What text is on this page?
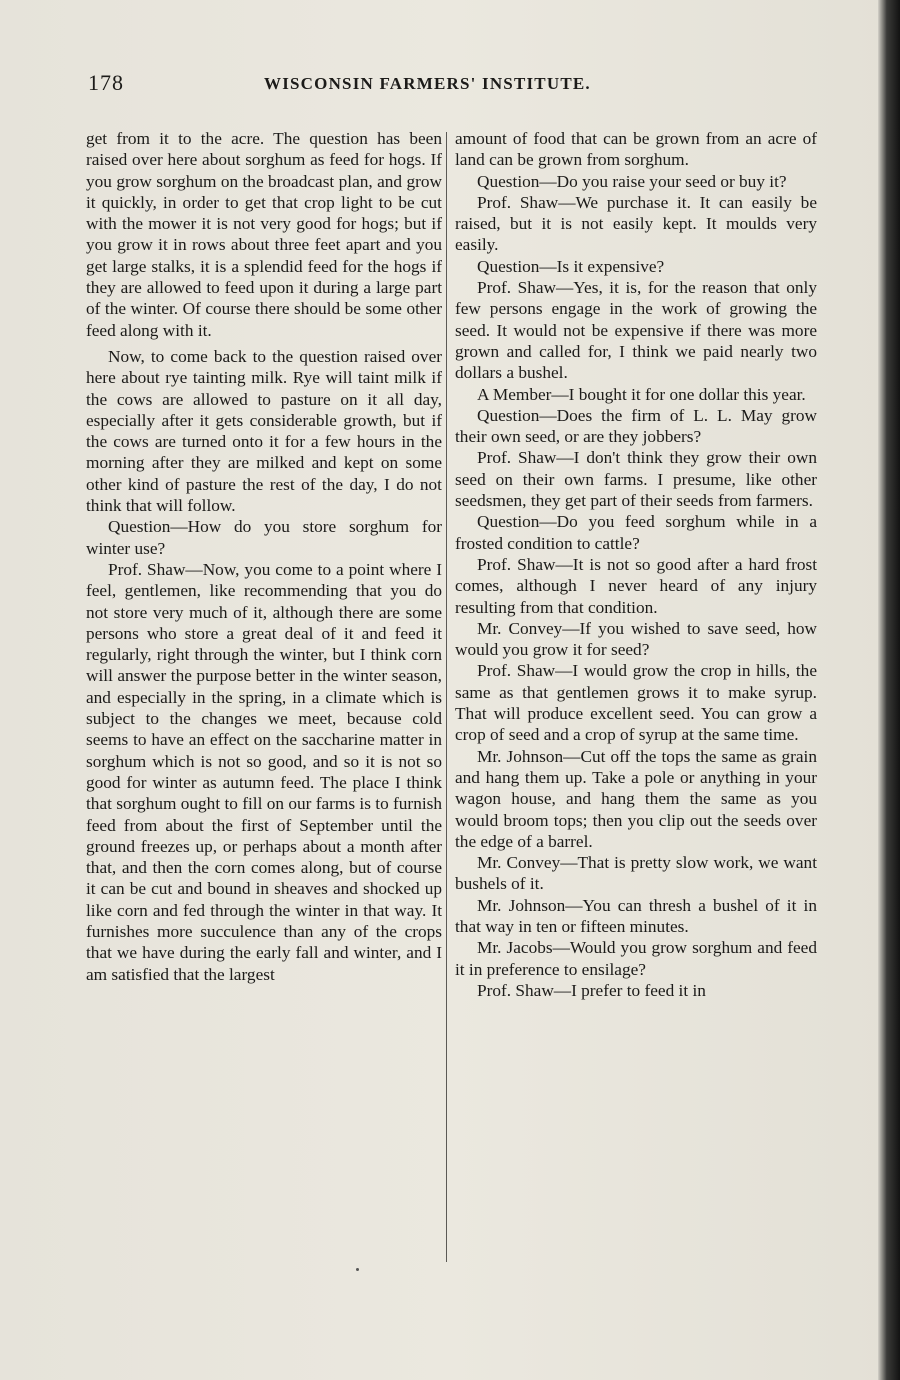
178	WISCONSIN FARMERS' INSTITUTE.

get from it to the acre. The question has been raised over here about sorghum as feed for hogs. If you grow sorghum on the broadcast plan, and grow it quickly, in order to get that crop light to be cut with the mower it is not very good for hogs; but if you grow it in rows about three feet apart and you get large stalks, it is a splendid feed for the hogs if they are allowed to feed upon it during a large part of the winter. Of course there should be some other feed along with it.

Now, to come back to the question raised over here about rye tainting milk. Rye will taint milk if the cows are allowed to pasture on it all day, especially after it gets considerable growth, but if the cows are turned onto it for a few hours in the morning after they are milked and kept on some other kind of pasture the rest of the day, I do not think that will follow.

Question—How do you store sorghum for winter use?

Prof. Shaw—Now, you come to a point where I feel, gentlemen, like recommending that you do not store very much of it, although there are some persons who store a great deal of it and feed it regularly, right through the winter, but I think corn will answer the purpose better in the winter season, and especially in the spring, in a climate which is subject to the changes we meet, because cold seems to have an effect on the saccharine matter in sorghum which is not so good, and so it is not so good for winter as autumn feed. The place I think that sorghum ought to fill on our farms is to furnish feed from about the first of September until the ground freezes up, or perhaps about a month after that, and then the corn comes along, but of course it can be cut and bound in sheaves and shocked up like corn and fed through the winter in that way. It furnishes more succulence than any of the crops that we have during the early fall and winter, and I am satisfied that the largest

amount of food that can be grown from an acre of land can be grown from sorghum.

Question—Do you raise your seed or buy it?

Prof. Shaw—We purchase it. It can easily be raised, but it is not easily kept. It moulds very easily.

Question—Is it expensive?

Prof. Shaw—Yes, it is, for the reason that only few persons engage in the work of growing the seed. It would not be expensive if there was more grown and called for, I think we paid nearly two dollars a bushel.

A Member—I bought it for one dollar this year.

Question—Does the firm of L. L. May grow their own seed, or are they jobbers?

Prof. Shaw—I don't think they grow their own seed on their own farms. I presume, like other seedsmen, they get part of their seeds from farmers.

Question—Do you feed sorghum while in a frosted condition to cattle?

Prof. Shaw—It is not so good after a hard frost comes, although I never heard of any injury resulting from that condition.

Mr. Convey—If you wished to save seed, how would you grow it for seed?

Prof. Shaw—I would grow the crop in hills, the same as that gentlemen grows it to make syrup. That will produce excellent seed. You can grow a crop of seed and a crop of syrup at the same time.

Mr. Johnson—Cut off the tops the same as grain and hang them up. Take a pole or anything in your wagon house, and hang them the same as you would broom tops; then you clip out the seeds over the edge of a barrel.

Mr. Convey—That is pretty slow work, we want bushels of it.

Mr. Johnson—You can thresh a bushel of it in that way in ten or fifteen minutes.

Mr. Jacobs—Would you grow sorghum and feed it in preference to ensilage?

Prof. Shaw—I prefer to feed it in
